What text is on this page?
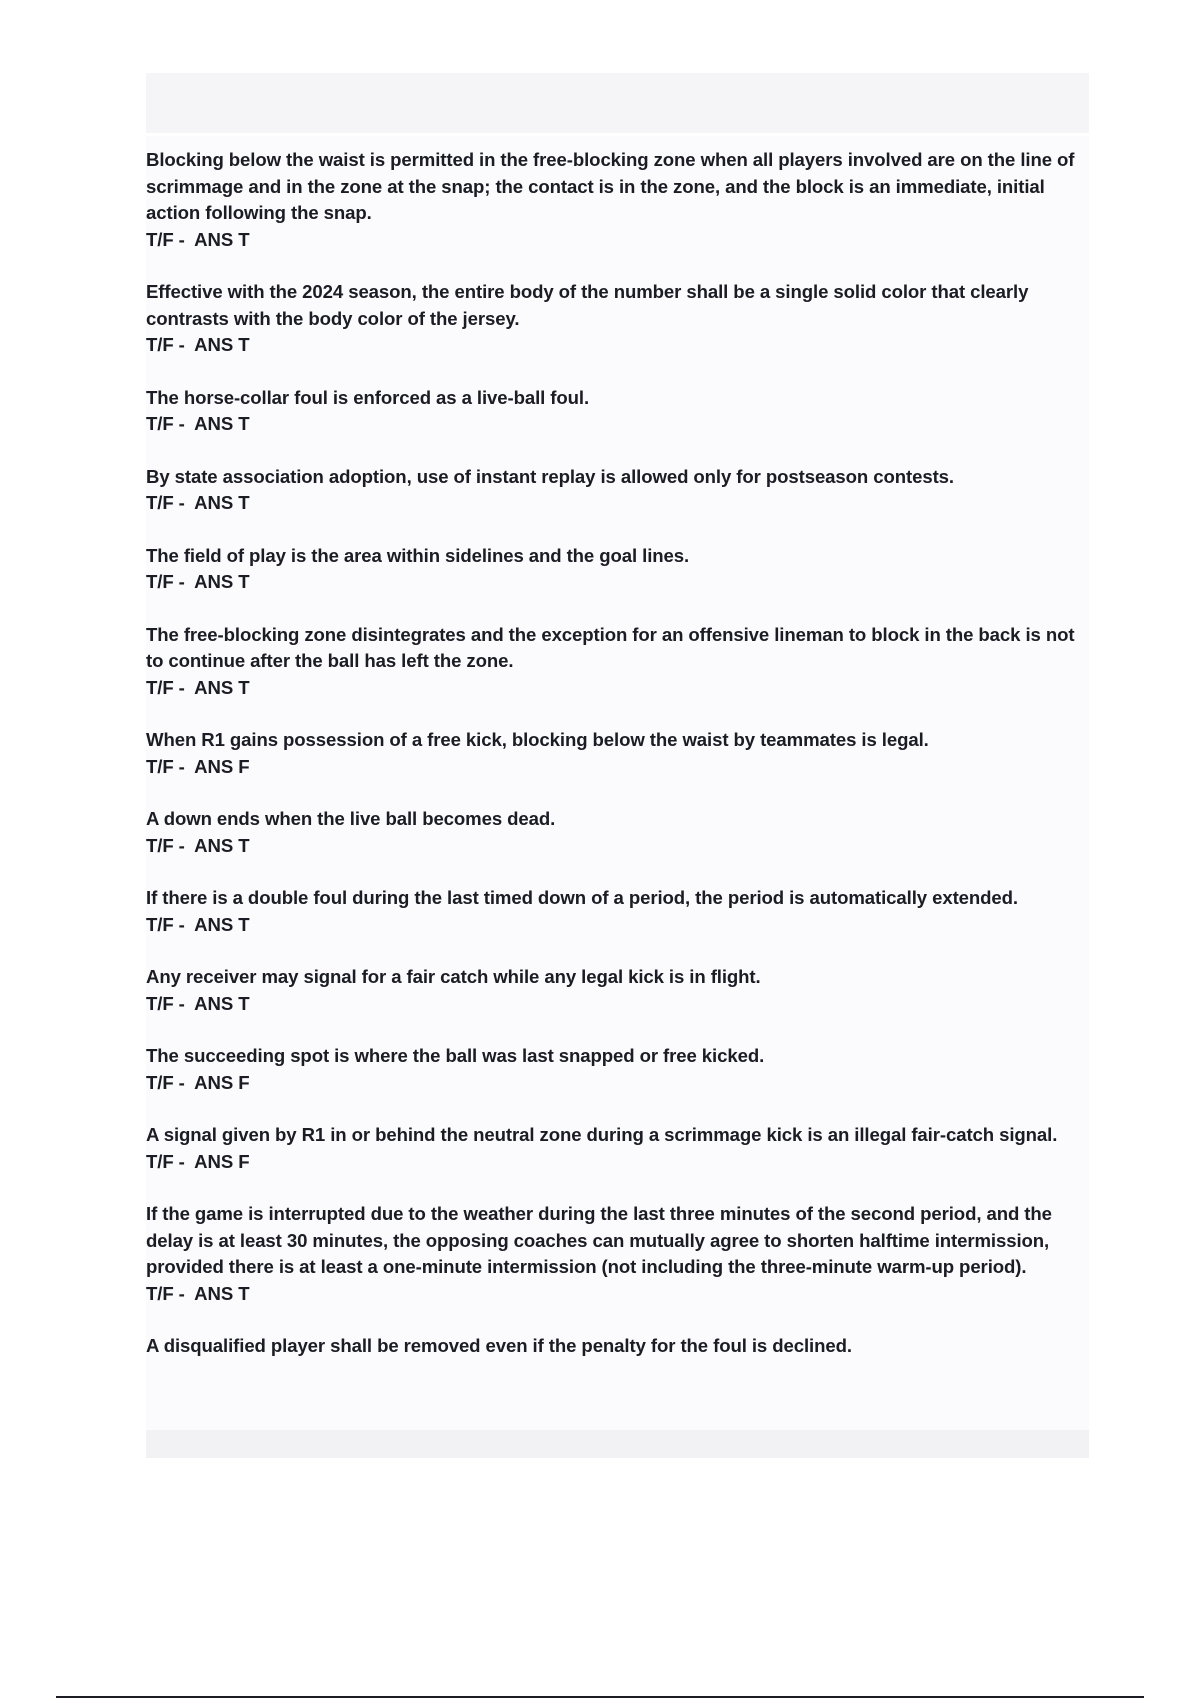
Blocking below the waist is permitted in the free-blocking zone when all players involved are on the line of scrimmage and in the zone at the snap; the contact is in the zone, and the block is an immediate, initial action following the snap.
T/F -  ANS T
Effective with the 2024 season, the entire body of the number shall be a single solid color that clearly contrasts with the body color of the jersey.
T/F -  ANS T
The horse-collar foul is enforced as a live-ball foul.
T/F -  ANS T
By state association adoption, use of instant replay is allowed only for postseason contests.
T/F -  ANS T
The field of play is the area within sidelines and the goal lines.
T/F -  ANS T
The free-blocking zone disintegrates and the exception for an offensive lineman to block in the back is not to continue after the ball has left the zone.
T/F -  ANS T
When R1 gains possession of a free kick, blocking below the waist by teammates is legal.
T/F -  ANS F
A down ends when the live ball becomes dead.
T/F -  ANS T
If there is a double foul during the last timed down of a period, the period is automatically extended. T/F -  ANS T
Any receiver may signal for a fair catch while any legal kick is in flight.
T/F -  ANS T
The succeeding spot is where the ball was last snapped or free kicked.
T/F -  ANS F
A signal given by R1 in or behind the neutral zone during a scrimmage kick is an illegal fair-catch signal.
T/F -  ANS F
If the game is interrupted due to the weather during the last three minutes of the second period, and the delay is at least 30 minutes, the opposing coaches can mutually agree to shorten halftime intermission, provided there is at least a one-minute intermission (not including the three-minute warm-up period).
T/F -  ANS T
A disqualified player shall be removed even if the penalty for the foul is declined.
